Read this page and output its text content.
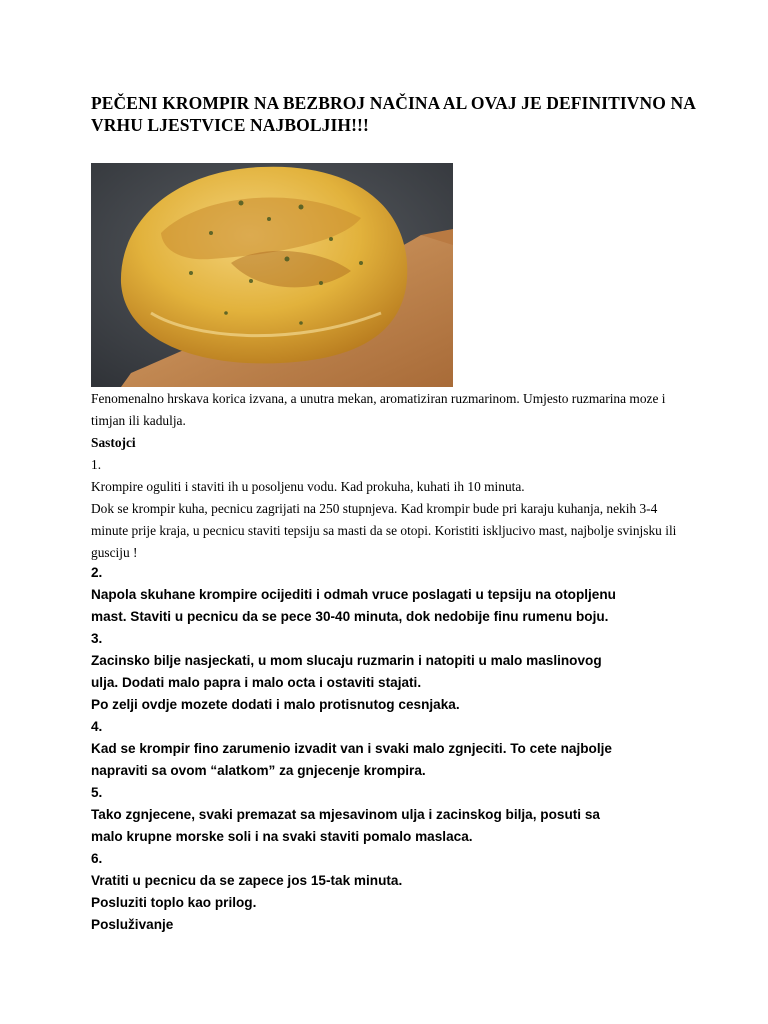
PEČENI KROMPIR NA BEZBROJ NAČINA AL OVAJ JE DEFINITIVNO NA VRHU LJESTVICE NAJBOLJIH!!!
Fenomenalno hrskava korica izvana, a unutra mekan, aromatiziran ruzmarinom. Umjesto ruzmarina moze i
timjan ili kadulja.
Sastojci
1.
Krompire oguliti i staviti ih u posoljenu vodu. Kad prokuha, kuhati ih 10 minuta.
Dok se krompir kuha, pecnicu zagrijati na 250 stupnjeva. Kad krompir bude pri karaju kuhanja, nekih 3-4
minute prije kraja, u pecnicu staviti tepsiju sa masti da se otopi. Koristiti iskljucivo mast, najbolje svinjsku ili
gusciju !
2.
Napola skuhane krompire ocijediti i odmah vruce poslagati u tepsiju na otopljenu
mast. Staviti u pecnicu da se pece 30-40 minuta, dok nedobije finu rumenu boju.
3.
Zacinsko bilje nasjeckati, u mom slucaju ruzmarin i natopiti u malo maslinovog
ulja. Dodati malo papra i malo octa i ostaviti stajati.
Po zelji ovdje mozete dodati i malo protisnutog cesnjaka.
4.
Kad se krompir fino zarumenio izvadit van i svaki malo zgnjeciti. To cete najbolje
napraviti sa ovom “alatkom” za gnjecenje krompira.
5.
Tako zgnjecene, svaki premazat sa mjesavinom ulja i zacinskog bilja, posuti sa
malo krupne morske soli i na svaki staviti pomalo maslaca.
6.
Vratiti u pecnicu da se zapece jos 15-tak minuta.
Posluziti toplo kao prilog.
Posluživanje
